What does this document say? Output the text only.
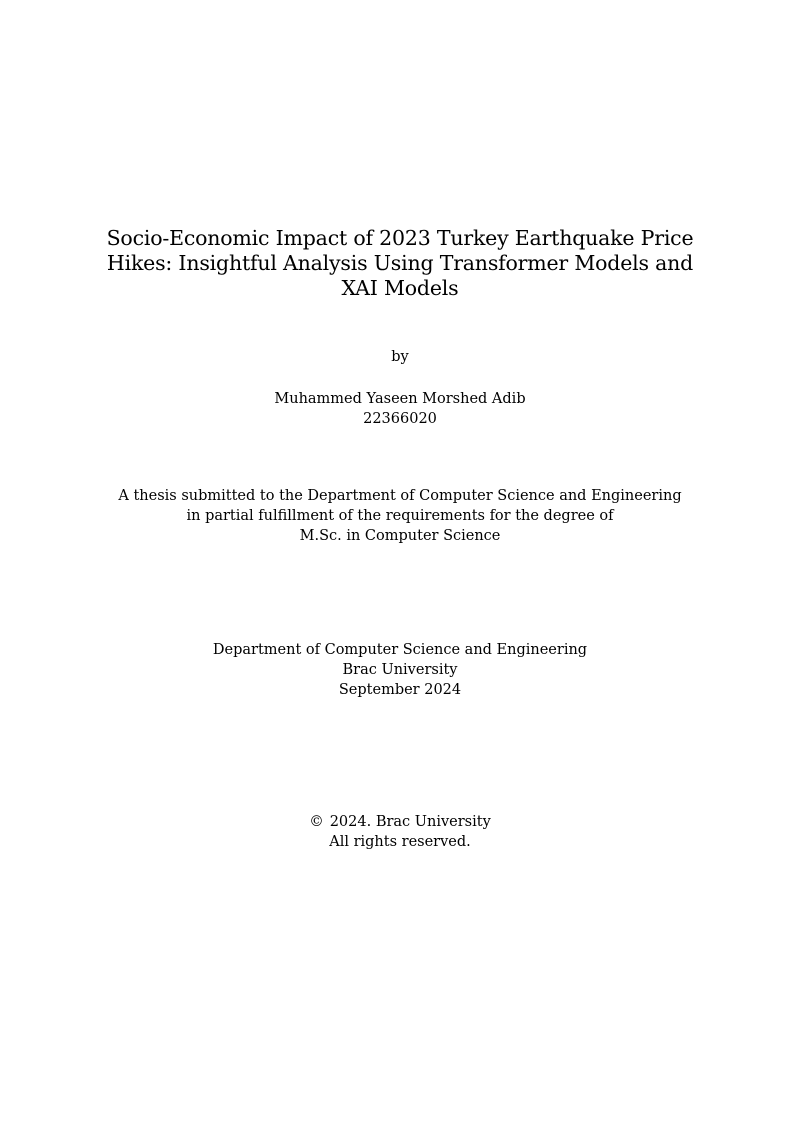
Socio-Economic Impact of 2023 Turkey Earthquake Price
Hikes: Insightful Analysis Using Transformer Models and
XAI Models
by
Muhammed Yaseen Morshed Adib
22366020
A thesis submitted to the Department of Computer Science and Engineering
in partial fulfillment of the requirements for the degree of
M.Sc. in Computer Science
Department of Computer Science and Engineering
Brac University
September 2024
© 2024. Brac University
All rights reserved.
